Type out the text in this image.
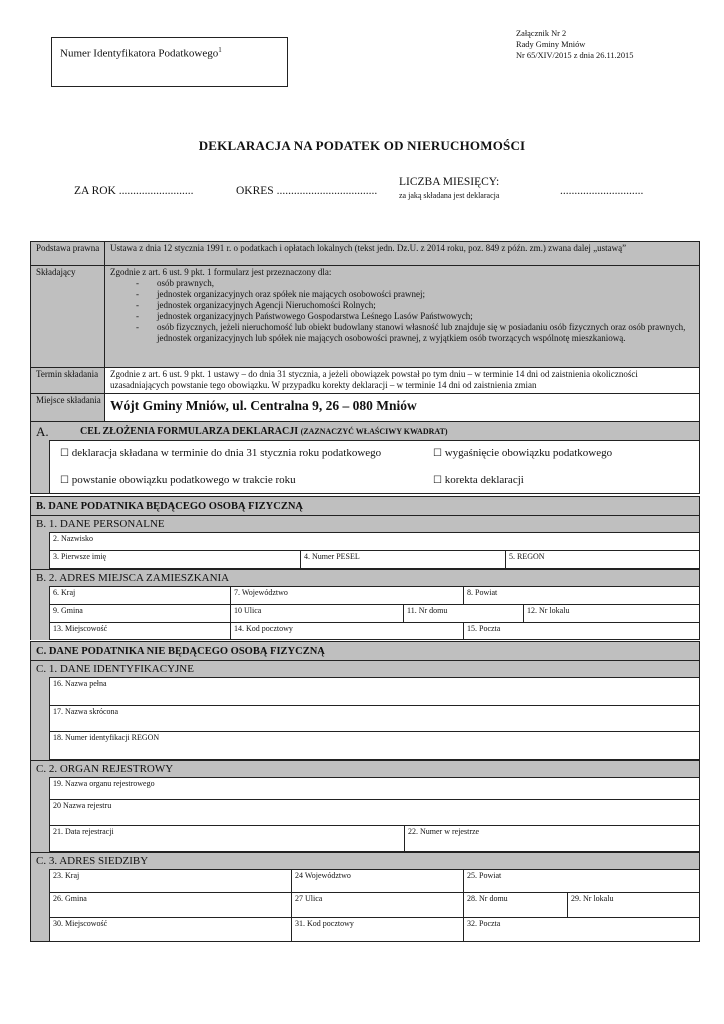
Numer Identyfikatora Podatkowego$^1$
Załącznik Nr 2
Rady Gminy Mniów
Nr 65/XIV/2015 z dnia 26.11.2015
DEKLARACJA NA PODATEK OD NIERUCHOMOŚCI
ZA ROK ..........................	OKRES ...................................
LICZBA MIESIĘCY:
za jaką składana jest deklaracja	.............................
Podstawa prawna	Ustawa z dnia 12 stycznia 1991 r. o podatkach i opłatach lokalnych (tekst jedn. Dz.U. z 2014 roku, poz. 849 z późn. zm.) zwana dalej „ustawą”
Składający	Zgodnie z art. 6 ust. 9 pkt. 1 formularz jest przeznaczony dla:
- osób prawnych,
- jednostek organizacyjnych oraz spółek nie mających osobowości prawnej;
- jednostek organizacyjnych Agencji Nieruchomości Rolnych;
- jednostek organizacyjnych Państwowego Gospodarstwa Leśnego Lasów Państwowych;
- osób fizycznych, jeżeli nieruchomość lub obiekt budowlany stanowi własność lub znajduje się w posiadaniu osób fizycznych oraz osób prawnych, jednostek organizacyjnych lub spółek nie mających osobowości prawnej, z wyjątkiem osób tworzących wspólnotę mieszkaniową.
Termin składania	Zgodnie z art. 6 ust. 9 pkt. 1 ustawy – do dnia 31 stycznia, a jeżeli obowiązek powstał po tym dniu – w terminie 14 dni od zaistnienia okoliczności uzasadniających powstanie tego obowiązku. W przypadku korekty deklaracji – w terminie 14 dni od zaistnienia zmian
Miejsce składania Wójt Gminy Mniów, ul. Centralna 9, 26 – 080 Mniów
A.	CEL ZŁOŻENIA FORMULARZA DEKLARACJI (ZAZNACZYĆ WŁAŚCIWY KWADRAT)
☐ deklaracja składana w terminie do dnia 31 stycznia roku podatkowego	☐ wygaśnięcie obowiązku podatkowego
☐ powstanie obowiązku podatkowego w trakcie roku	☐ korekta deklaracji
B. DANE PODATNIKA BĘDĄCEGO OSOBĄ FIZYCZNĄ
B. 1. DANE PERSONALNE
2. Nazwisko
3. Pierwsze imię	4. Numer PESEL	5. REGON
B. 2. ADRES MIEJSCA ZAMIESZKANIA
6. Kraj	7. Województwo	8. Powiat
9. Gmina	10 Ulica	11. Nr domu	12. Nr lokalu
13. Miejscowość	14. Kod pocztowy	15. Poczta
C. DANE PODATNIKA NIE BĘDĄCEGO OSOBĄ FIZYCZNĄ
C. 1. DANE IDENTYFIKACYJNE
16. Nazwa pełna
17. Nazwa skrócona
18. Numer identyfikacji REGON
C. 2. ORGAN REJESTROWY
19. Nazwa organu rejestrowego
20 Nazwa rejestru
21. Data rejestracji	22. Numer w rejestrze
C. 3. ADRES SIEDZIBY
23. Kraj	24 Województwo	25. Powiat
26. Gmina	27 Ulica	28. Nr domu	29. Nr lokalu
30. Miejscowość	31. Kod pocztowy	32. Poczta
